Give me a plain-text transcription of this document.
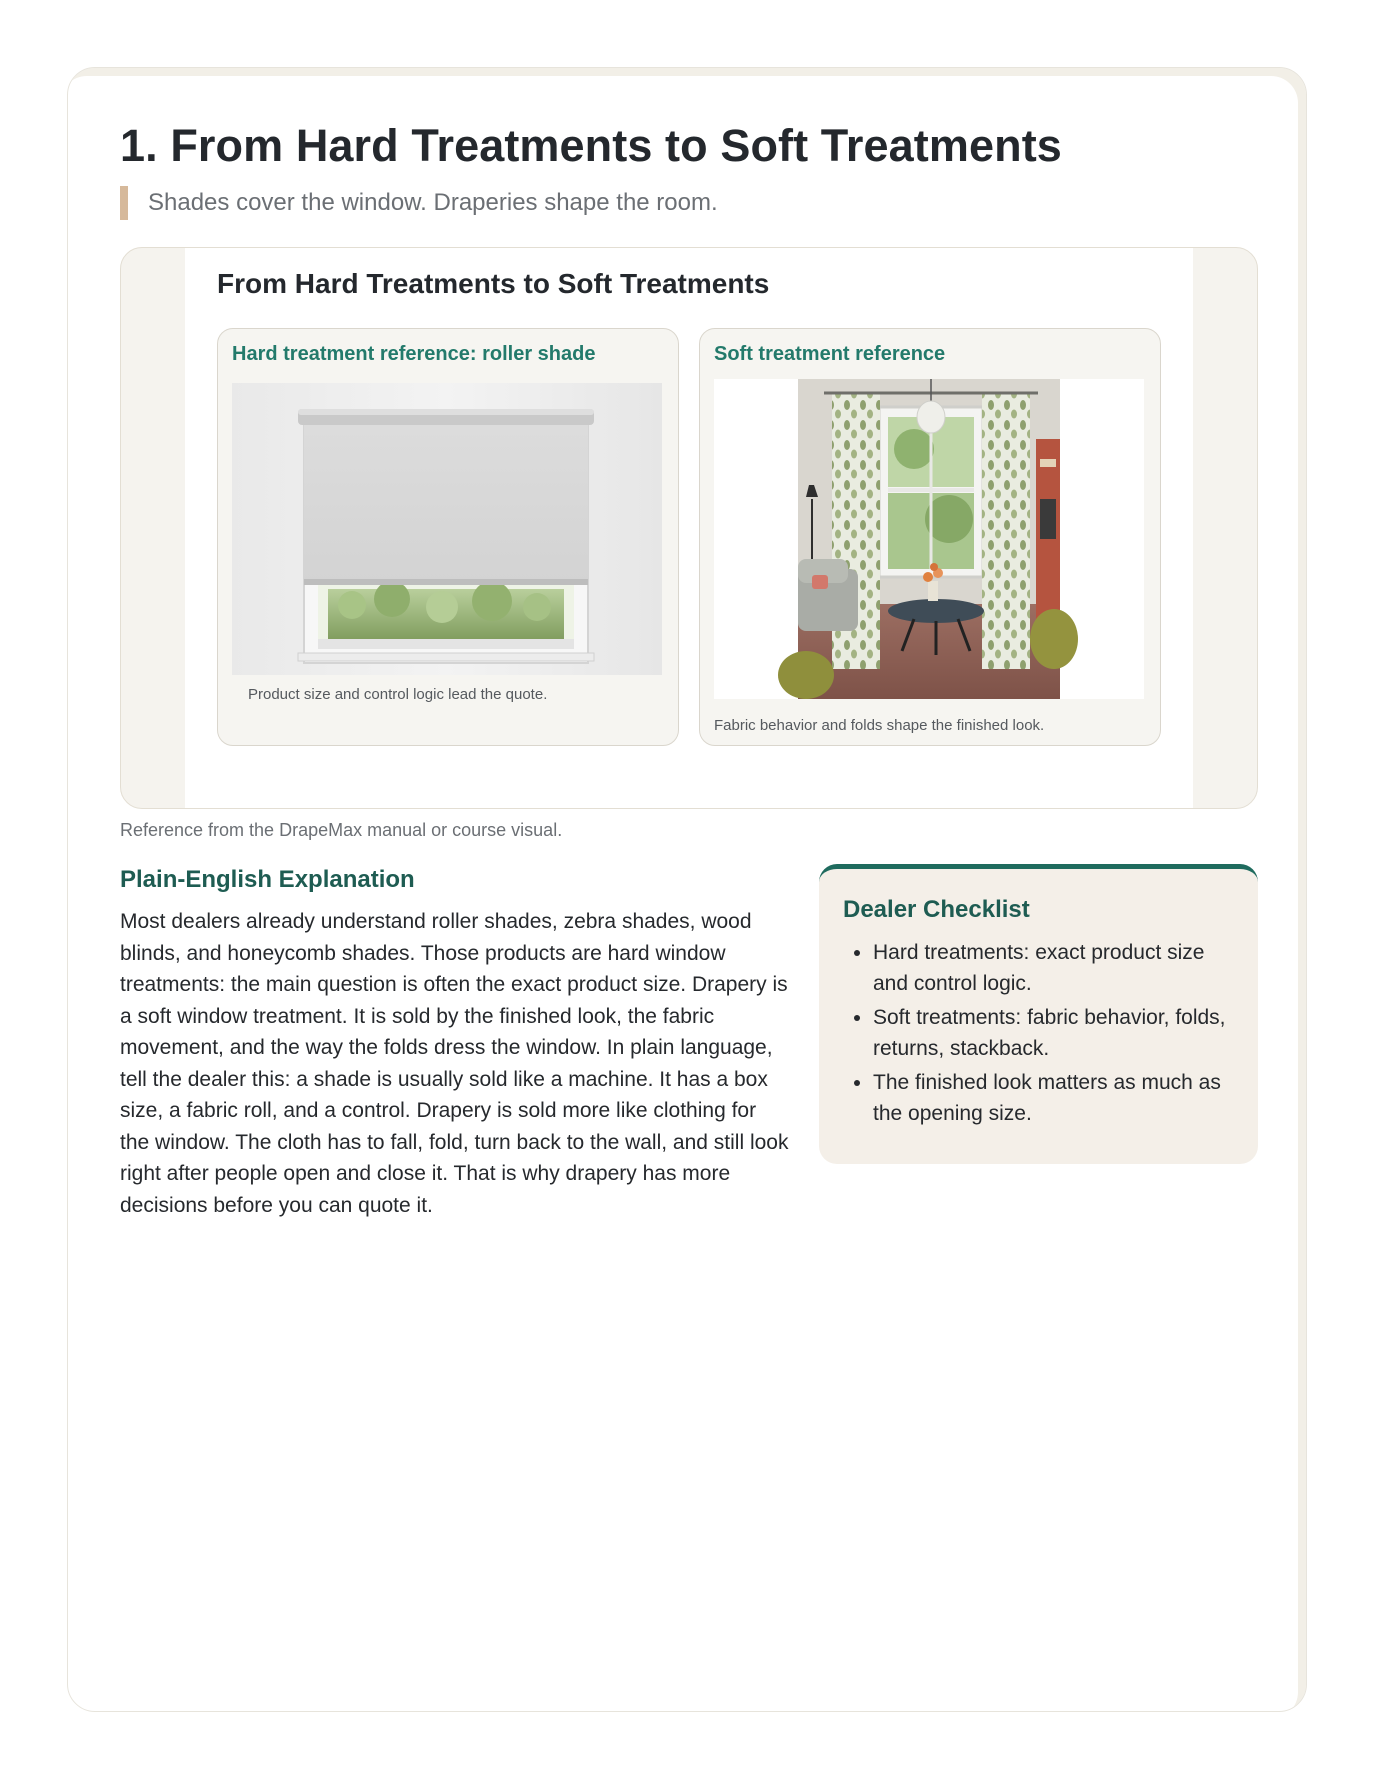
1. From Hard Treatments to Soft Treatments
Shades cover the window. Draperies shape the room.
From Hard Treatments to Soft Treatments
Hard treatment reference: roller shade
Product size and control logic lead the quote.
Soft treatment reference
Fabric behavior and folds shape the finished look.
Reference from the DrapeMax manual or course visual.
Plain-English Explanation

Most dealers already understand roller shades, zebra shades, wood blinds, and honeycomb shades. Those products are hard window treatments: the main question is often the exact product size. Drapery is a soft window treatment. It is sold by the finished look, the fabric movement, and the way the folds dress the window. In plain language, tell the dealer this: a shade is usually sold like a machine. It has a box size, a fabric roll, and a control. Drapery is sold more like clothing for the window. The cloth has to fall, fold, turn back to the wall, and still look right after people open and close it. That is why drapery has more decisions before you can quote it.

Dealer Checklist
• Hard treatments: exact product size and control logic.
• Soft treatments: fabric behavior, folds, returns, stackback.
• The finished look matters as much as the opening size.
